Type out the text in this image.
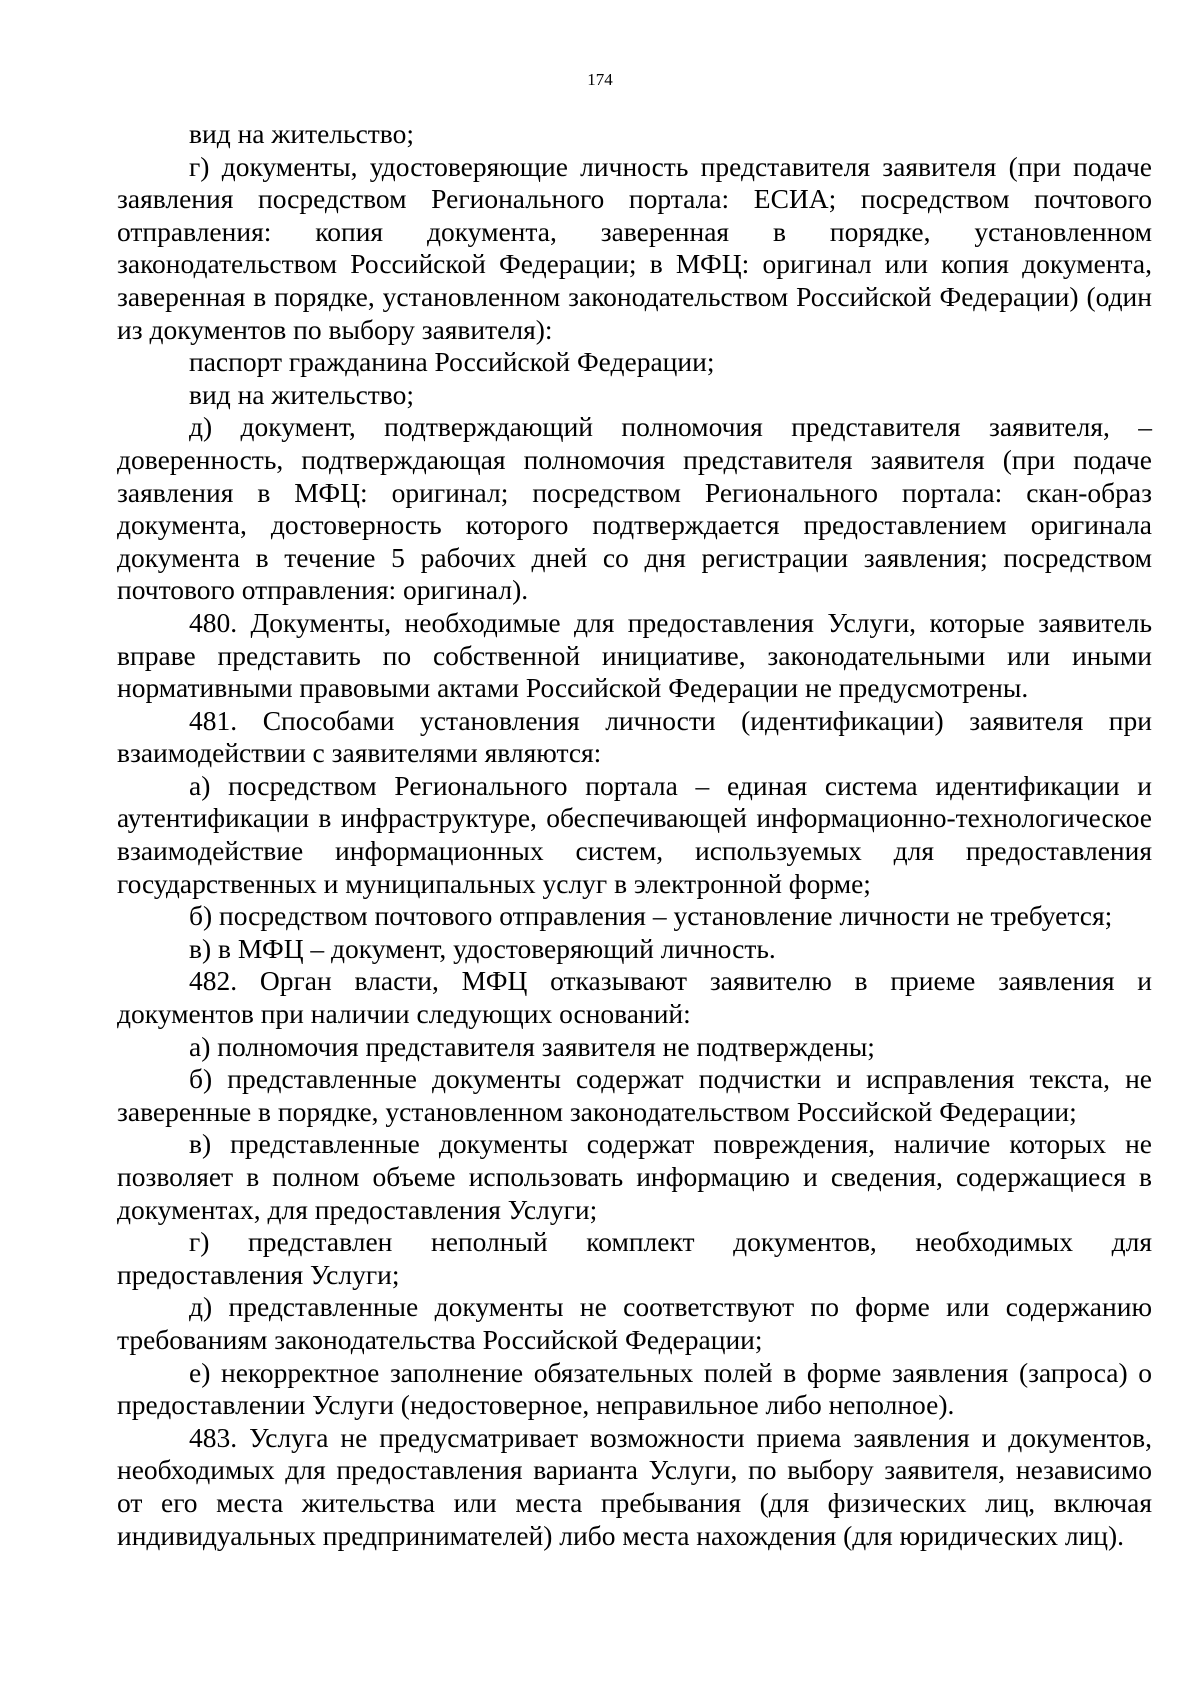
174

вид на жительство;

г) документы, удостоверяющие личность представителя заявителя (при подаче заявления посредством Регионального портала: ЕСИА; посредством почтового отправления: копия документа, заверенная в порядке, установленном законодательством Российской Федерации; в МФЦ: оригинал или копия документа, заверенная в порядке, установленном законодательством Российской Федерации) (один из документов по выбору заявителя):

паспорт гражданина Российской Федерации;

вид на жительство;

д) документ, подтверждающий полномочия представителя заявителя, – доверенность, подтверждающая полномочия представителя заявителя (при подаче заявления в МФЦ: оригинал; посредством Регионального портала: скан-образ документа, достоверность которого подтверждается предоставлением оригинала документа в течение 5 рабочих дней со дня регистрации заявления; посредством почтового отправления: оригинал).

480. Документы, необходимые для предоставления Услуги, которые заявитель вправе представить по собственной инициативе, законодательными или иными нормативными правовыми актами Российской Федерации не предусмотрены.

481. Способами установления личности (идентификации) заявителя при взаимодействии с заявителями являются:

а) посредством Регионального портала – единая система идентификации и аутентификации в инфраструктуре, обеспечивающей информационно-технологическое взаимодействие информационных систем, используемых для предоставления государственных и муниципальных услуг в электронной форме;

б) посредством почтового отправления – установление личности не требуется;

в) в МФЦ – документ, удостоверяющий личность.

482. Орган власти, МФЦ отказывают заявителю в приеме заявления и документов при наличии следующих оснований:

а) полномочия представителя заявителя не подтверждены;

б) представленные документы содержат подчистки и исправления текста, не заверенные в порядке, установленном законодательством Российской Федерации;

в) представленные документы содержат повреждения, наличие которых не позволяет в полном объеме использовать информацию и сведения, содержащиеся в документах, для предоставления Услуги;

г) представлен неполный комплект документов, необходимых для предоставления Услуги;

д) представленные документы не соответствуют по форме или содержанию требованиям законодательства Российской Федерации;

е) некорректное заполнение обязательных полей в форме заявления (запроса) о предоставлении Услуги (недостоверное, неправильное либо неполное).

483. Услуга не предусматривает возможности приема заявления и документов, необходимых для предоставления варианта Услуги, по выбору заявителя, независимо от его места жительства или места пребывания (для физических лиц, включая индивидуальных предпринимателей) либо места нахождения (для юридических лиц).
